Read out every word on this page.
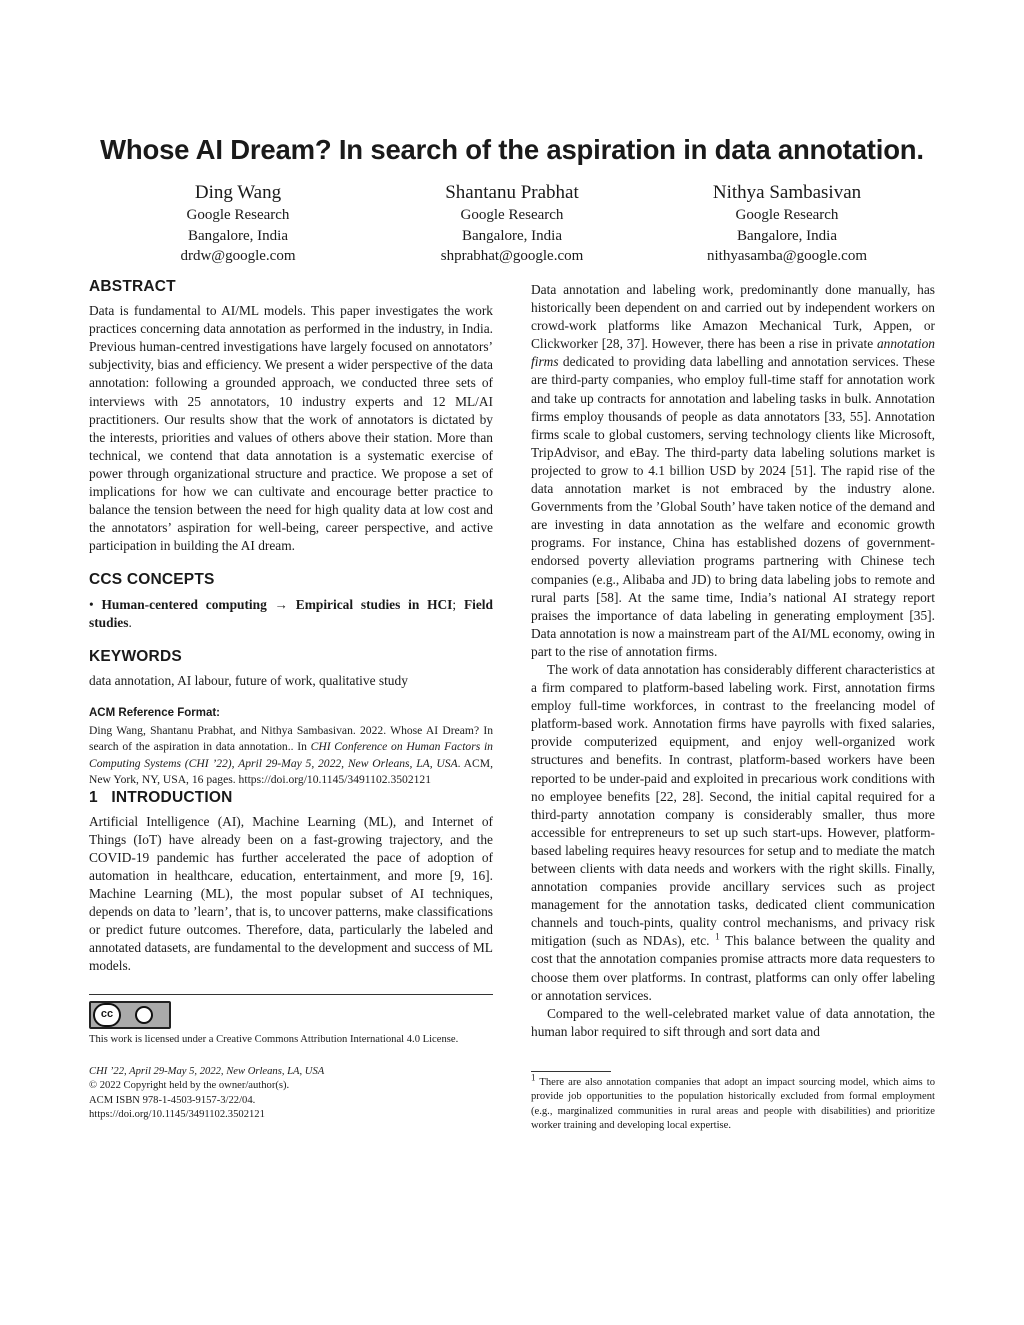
Whose AI Dream? In search of the aspiration in data annotation.
Ding Wang
Google Research
Bangalore, India
drdw@google.com
Shantanu Prabhat
Google Research
Bangalore, India
shprabhat@google.com
Nithya Sambasivan
Google Research
Bangalore, India
nithyasamba@google.com
ABSTRACT

Data is fundamental to AI/ML models. This paper investigates the work practices concerning data annotation as performed in the industry, in India. Previous human-centred investigations have largely focused on annotators’ subjectivity, bias and efficiency. We present a wider perspective of the data annotation: following a grounded approach, we conducted three sets of interviews with 25 annotators, 10 industry experts and 12 ML/AI practitioners. Our results show that the work of annotators is dictated by the interests, priorities and values of others above their station. More than technical, we contend that data annotation is a systematic exercise of power through organizational structure and practice. We propose a set of implications for how we can cultivate and encourage better practice to balance the tension between the need for high quality data at low cost and the annotators’ aspiration for well-being, career perspective, and active participation in building the AI dream.

CCS CONCEPTS

• Human-centered computing → Empirical studies in HCI; Field studies.

KEYWORDS

data annotation, AI labour, future of work, qualitative study

ACM Reference Format:

Ding Wang, Shantanu Prabhat, and Nithya Sambasivan. 2022. Whose AI Dream? In search of the aspiration in data annotation.. In CHI Conference on Human Factors in Computing Systems (CHI ’22), April 29-May 5, 2022, New Orleans, LA, USA. ACM, New York, NY, USA, 16 pages. https://doi.org/10.1145/3491102.3502121

1   INTRODUCTION

Artificial Intelligence (AI), Machine Learning (ML), and Internet of Things (IoT) have already been on a fast-growing trajectory, and the COVID-19 pandemic has further accelerated the pace of adoption of automation in healthcare, education, entertainment, and more [9, 16]. Machine Learning (ML), the most popular subset of AI techniques, depends on data to ’learn’, that is, to uncover patterns, make classifications or predict future outcomes. Therefore, data, particularly the labeled and annotated datasets, are fundamental to the development and success of ML models.

cc

This work is licensed under a Creative Commons Attribution International 4.0 License.

CHI ’22, April 29-May 5, 2022, New Orleans, LA, USA

© 2022 Copyright held by the owner/author(s).

ACM ISBN 978-1-4503-9157-3/22/04.

https://doi.org/10.1145/3491102.3502121

Data annotation and labeling work, predominantly done manually, has historically been dependent on and carried out by independent workers on crowd-work platforms like Amazon Mechanical Turk, Appen, or Clickworker [28, 37]. However, there has been a rise in private annotation firms dedicated to providing data labelling and annotation services. These are third-party companies, who employ full-time staff for annotation work and take up contracts for annotation and labeling tasks in bulk. Annotation firms employ thousands of people as data annotators [33, 55]. Annotation firms scale to global customers, serving technology clients like Microsoft, TripAdvisor, and eBay. The third-party data labeling solutions market is projected to grow to 4.1 billion USD by 2024 [51]. The rapid rise of the data annotation market is not embraced by the industry alone. Governments from the ’Global South’ have taken notice of the demand and are investing in data annotation as the welfare and economic growth programs. For instance, China has established dozens of government-endorsed poverty alleviation programs partnering with Chinese tech companies (e.g., Alibaba and JD) to bring data labeling jobs to remote and rural parts [58]. At the same time, India’s national AI strategy report praises the importance of data labeling in generating employment [35]. Data annotation is now a mainstream part of the AI/ML economy, owing in part to the rise of annotation firms.

The work of data annotation has considerably different characteristics at a firm compared to platform-based labeling work. First, annotation firms employ full-time workforces, in contrast to the freelancing model of platform-based work. Annotation firms have payrolls with fixed salaries, provide computerized equipment, and enjoy well-organized work structures and benefits. In contrast, platform-based workers have been reported to be under-paid and exploited in precarious work conditions with no employee benefits [22, 28]. Second, the initial capital required for a third-party annotation company is considerably smaller, thus more accessible for entrepreneurs to set up such start-ups. However, platform-based labeling requires heavy resources for setup and to mediate the match between clients with data needs and workers with the right skills. Finally, annotation companies provide ancillary services such as project management for the annotation tasks, dedicated client communication channels and touch-pints, quality control mechanisms, and privacy risk mitigation (such as NDAs), etc. $^1$ This balance between the quality and cost that the annotation companies promise attracts more data requesters to choose them over platforms. In contrast, platforms can only offer labeling or annotation services.

Compared to the well-celebrated market value of data annotation, the human labor required to sift through and sort data and

$^1$ There are also annotation companies that adopt an impact sourcing model, which aims to provide job opportunities to the population historically excluded from formal employment (e.g., marginalized communities in rural areas and people with disabilities) and prioritize worker training and developing local expertise.
